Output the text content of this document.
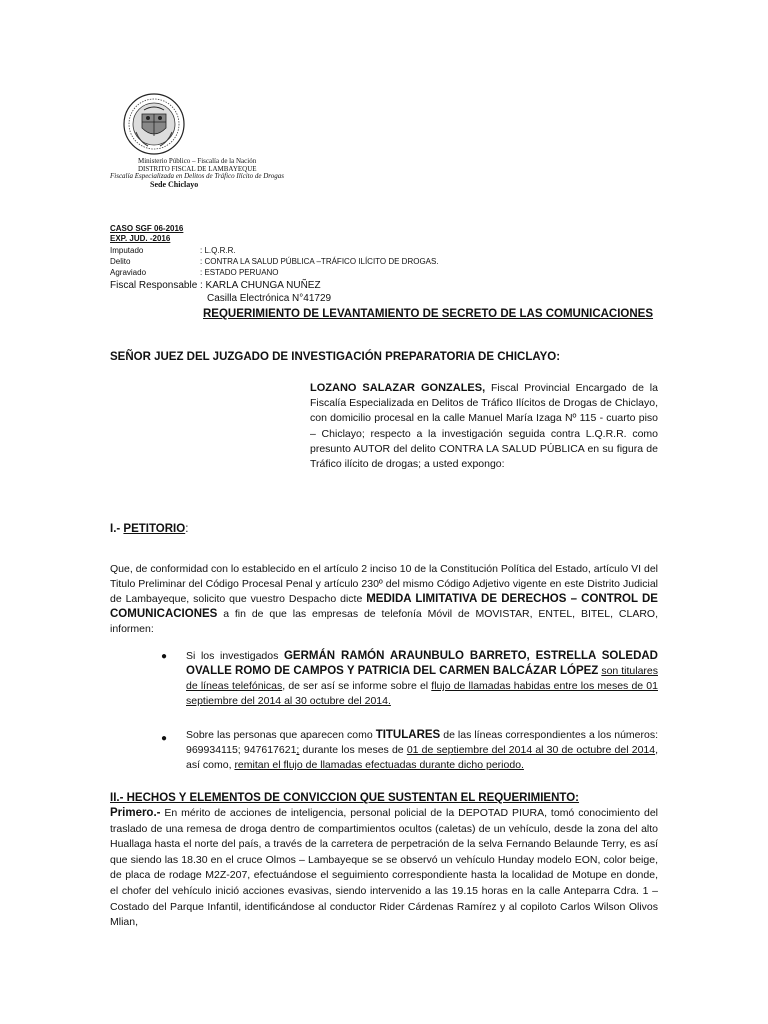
Ministerio Público – Fiscalía de la Nación
DISTRITO FISCAL DE LAMBAYEQUE
Fiscalía Especializada en Delitos de Tráfico Ilícito de Drogas
Sede Chiclayo
CASO SGF 06-2016
EXP. JUD. -2016
Imputado	: L.Q.R.R.
Delito	: CONTRA LA SALUD PÚBLICA –TRÁFICO ILÍCITO DE DROGAS.
Agraviado	: ESTADO PERUANO
Fiscal Responsable : KARLA CHUNGA NUÑEZ
Casilla Electrónica N°41729
REQUERIMIENTO DE LEVANTAMIENTO DE SECRETO DE LAS COMUNICACIONES
SEÑOR JUEZ DEL JUZGADO DE INVESTIGACIÓN PREPARATORIA DE CHICLAYO:
LOZANO SALAZAR GONZALES, Fiscal Provincial Encargado de la Fiscalía Especializada en Delitos de Tráfico Ilícitos de Drogas de Chiclayo, con domicilio procesal en la calle Manuel María Izaga Nº 115 - cuarto piso – Chiclayo; respecto a la investigación seguida contra L.Q.R.R. como presunto AUTOR del delito CONTRA LA SALUD PÚBLICA en su figura de Tráfico ilícito de drogas; a usted expongo:
I.- PETITORIO:
Que, de conformidad con lo establecido en el artículo 2 inciso 10 de la Constitución Política del Estado, artículo VI del Titulo Preliminar del Código Procesal Penal y artículo 230º del mismo Código Adjetivo vigente en este Distrito Judicial de Lambayeque, solicito que vuestro Despacho dicte MEDIDA LIMITATIVA DE DERECHOS – CONTROL DE COMUNICACIONES a fin de que las empresas de telefonía Móvil de MOVISTAR, ENTEL, BITEL, CLARO, informen:
● Si los investigados GERMÁN RAMÓN ARAUNBULO BARRETO, ESTRELLA SOLEDAD OVALLE ROMO DE CAMPOS Y PATRICIA DEL CARMEN BALCÁZAR LÓPEZ son titulares de líneas telefónicas, de ser así se informe sobre el flujo de llamadas habidas entre los meses de 01 septiembre del 2014 al 30 octubre del 2014.
● Sobre las personas que aparecen como TITULARES de las líneas correspondientes a los números: 969934115; 947617621; durante los meses de 01 de septiembre del 2014 al 30 de octubre del 2014, así como, remitan el flujo de llamadas efectuadas durante dicho periodo.
II.- HECHOS Y ELEMENTOS DE CONVICCION QUE SUSTENTAN EL REQUERIMIENTO:
Primero.- En mérito de acciones de inteligencia, personal policial de la DEPOTAD PIURA, tomó conocimiento del traslado de una remesa de droga dentro de compartimientos ocultos (caletas) de un vehículo, desde la zona del alto Huallaga hasta el norte del país, a través de la carretera de perpetración de la selva Fernando Belaunde Terry, es así que siendo las 18.30 en el cruce Olmos – Lambayeque se se observó un vehículo Hunday modelo EON, color beige, de placa de rodage M2Z-207, efectuándose el seguimiento correspondiente hasta la localidad de Motupe en donde, el chofer del vehículo inició acciones evasivas, siendo intervenido a las 19.15 horas en la calle Anteparra Cdra. 1 – Costado del Parque Infantil, identificándose al conductor Rider Cárdenas Ramírez y al copiloto Carlos Wilson Olivos Mlian,
